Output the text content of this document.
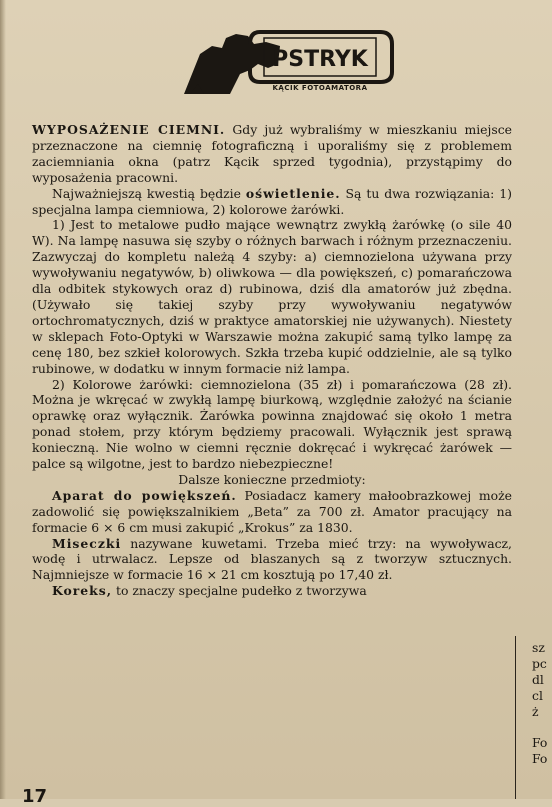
PSTRYK
KĄCIK FOTOAMATORA

WYPOSAŻENIE CIEMNI. Gdy już wybraliśmy w mieszkaniu miejsce przeznaczone na ciemnię fotograficzną i uporaliśmy się z problemem zaciemniania okna (patrz Kącik sprzed tygodnia), przystąpimy do wyposażenia pracowni.

Najważniejszą kwestią będzie oświetlenie. Są tu dwa rozwiązania: 1) specjalna lampa ciemniowa, 2) kolorowe żarówki.

1) Jest to metalowe pudło mające wewnątrz zwykłą żarówkę (o sile 40 W). Na lampę nasuwa się szyby o różnych barwach i różnym przeznaczeniu. Zazwyczaj do kompletu należą 4 szyby: a) ciemnozielona używana przy wywoływaniu negatywów, b) oliwkowa — dla powiększeń, c) pomarańczowa dla odbitek stykowych oraz d) rubinowa, dziś dla amatorów już zbędna. (Używało się takiej szyby przy wywoływaniu negatywów ortochromatycznych, dziś w praktyce amatorskiej nie używanych). Niestety w sklepach Foto-Optyki w Warszawie można zakupić samą tylko lampę za cenę 180, bez szkieł kolorowych. Szkła trzeba kupić oddzielnie, ale są tylko rubinowe, w dodatku w innym formacie niż lampa.

2) Kolorowe żarówki: ciemnozielona (35 zł) i pomarańczowa (28 zł). Można je wkręcać w zwykłą lampę biurkową, względnie założyć na ścianie oprawkę oraz wyłącznik. Żarówka powinna znajdować się około 1 metra ponad stołem, przy którym będziemy pracowali. Wyłącznik jest sprawą konieczną. Nie wolno w ciemni ręcznie dokręcać i wykręcać żarówek — palce są wilgotne, jest to bardzo niebezpieczne!

Dalsze konieczne przedmioty:

Aparat do powiększeń. Posiadacz kamery małoobrazkowej może zadowolić się powiększalnikiem „Beta” za 700 zł. Amator pracujący na formacie 6 × 6 cm musi zakupić „Krokus” za 1830.

Miseczki nazywane kuwetami. Trzeba mieć trzy: na wywoływacz, wodę i utrwalacz. Lepsze od blaszanych są z tworzyw sztucznych. Najmniejsze w formacie 16 × 21 cm kosztują po 17,40 zł.

Koreks, to znaczy specjalne pudełko z tworzywa

sz
pc
dl
cl
ż
Fo
Fo
17
